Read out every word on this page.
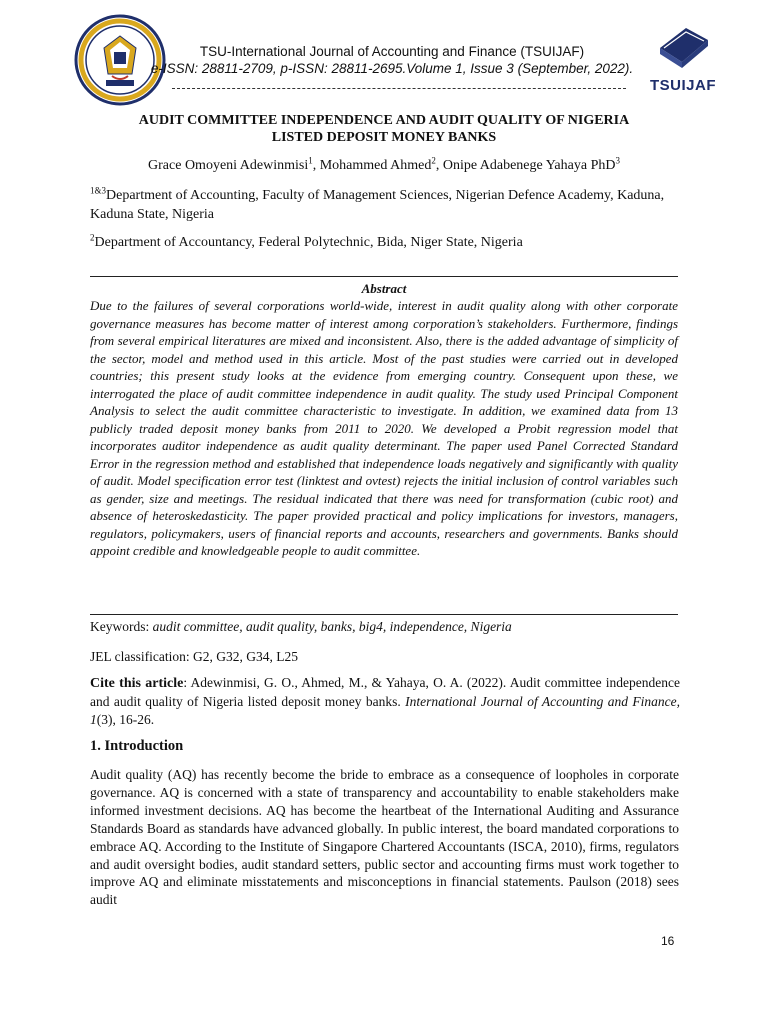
TSUIJAF
TSU-International Journal of Accounting and Finance (TSUIJAF)
e-ISSN: 28811-2709, p-ISSN: 28811-2695.Volume 1, Issue 3 (September, 2022).
AUDIT COMMITTEE INDEPENDENCE AND AUDIT QUALITY OF NIGERIA
LISTED DEPOSIT MONEY BANKS
Grace Omoyeni Adewinmisi$^1$, Mohammed Ahmed$^2$, Onipe Adabenege Yahaya PhD$^3$
$^{1\&3}$Department of Accounting, Faculty of Management Sciences, Nigerian Defence Academy, Kaduna, Kaduna State, Nigeria
$^2$Department of Accountancy, Federal Polytechnic, Bida, Niger State, Nigeria
Abstract
Due to the failures of several corporations world-wide, interest in audit quality along with other corporate governance measures has become matter of interest among corporation’s stakeholders. Furthermore, findings from several empirical literatures are mixed and inconsistent. Also, there is the added advantage of simplicity of the sector, model and method used in this article. Most of the past studies were carried out in developed countries; this present study looks at the evidence from emerging country. Consequent upon these, we interrogated the place of audit committee independence in audit quality. The study used Principal Component Analysis to select the audit committee characteristic to investigate. In addition, we examined data from 13 publicly traded deposit money banks from 2011 to 2020. We developed a Probit regression model that incorporates auditor independence as audit quality determinant. The paper used Panel Corrected Standard Error in the regression method and established that independence loads negatively and significantly with quality of audit. Model specification error test (linktest and ovtest) rejects the initial inclusion of control variables such as gender, size and meetings. The residual indicated that there was need for transformation (cubic root) and absence of heteroskedasticity. The paper provided practical and policy implications for investors, managers, regulators, policymakers, users of financial reports and accounts, researchers and governments. Banks should appoint credible and knowledgeable people to audit committee.
Keywords: audit committee, audit quality, banks, big4, independence, Nigeria
JEL classification: G2, G32, G34, L25
Cite this article: Adewinmisi, G. O., Ahmed, M., & Yahaya, O. A. (2022). Audit committee independence and audit quality of Nigeria listed deposit money banks. International Journal of Accounting and Finance, 1(3), 16-26.
1. Introduction
Audit quality (AQ) has recently become the bride to embrace as a consequence of loopholes in corporate governance. AQ is concerned with a state of transparency and accountability to enable stakeholders make informed investment decisions. AQ has become the heartbeat of the International Auditing and Assurance Standards Board as standards have advanced globally. In public interest, the board mandated corporations to embrace AQ. According to the Institute of Singapore Chartered Accountants (ISCA, 2010), firms, regulators and audit oversight bodies, audit standard setters, public sector and accounting firms must work together to improve AQ and eliminate misstatements and misconceptions in financial statements. Paulson (2018) sees audit
16
